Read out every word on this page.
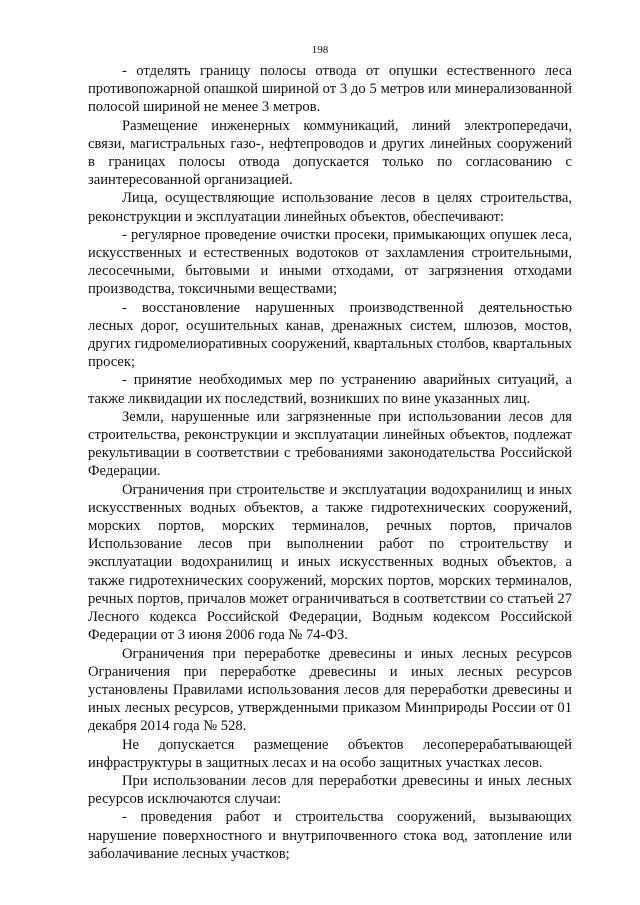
198

- отделять границу полосы отвода от опушки естественного леса противопожарной опашкой шириной от 3 до 5 метров или минерализованной полосой шириной не менее 3 метров.

Размещение инженерных коммуникаций, линий электропередачи, связи, магистральных газо-, нефтепроводов и других линейных сооружений в границах полосы отвода допускается только по согласованию с заинтересованной организацией.

Лица, осуществляющие использование лесов в целях строительства, реконструкции и эксплуатации линейных объектов, обеспечивают:

- регулярное проведение очистки просеки, примыкающих опушек леса, искусственных и естественных водотоков от захламления строительными, лесосечными, бытовыми и иными отходами, от загрязнения отходами производства, токсичными веществами;

- восстановление нарушенных производственной деятельностью лесных дорог, осушительных канав, дренажных систем, шлюзов, мостов, других гидромелиоративных сооружений, квартальных столбов, квартальных просек;

- принятие необходимых мер по устранению аварийных ситуаций, а также ликвидации их последствий, возникших по вине указанных лиц.

Земли, нарушенные или загрязненные при использовании лесов для строительства, реконструкции и эксплуатации линейных объектов, подлежат рекультивации в соответствии с требованиями законодательства Российской Федерации.

Ограничения при строительстве и эксплуатации водохранилищ и иных искусственных водных объектов, а также гидротехнических сооружений, морских портов, морских терминалов, речных портов, причалов Использование лесов при выполнении работ по строительству и эксплуатации водохранилищ и иных искусственных водных объектов, а также гидротехнических сооружений, морских портов, морских терминалов, речных портов, причалов может ограничиваться в соответствии со статьей 27 Лесного кодекса Российской Федерации, Водным кодексом Российской Федерации от 3 июня 2006 года № 74-ФЗ.

Ограничения при переработке древесины и иных лесных ресурсов Ограничения при переработке древесины и иных лесных ресурсов установлены Правилами использования лесов для переработки древесины и иных лесных ресурсов, утвержденными приказом Минприроды России от 01 декабря 2014 года № 528.

Не допускается размещение объектов лесоперерабатывающей инфраструктуры в защитных лесах и на особо защитных участках лесов.

При использовании лесов для переработки древесины и иных лесных ресурсов исключаются случаи:

- проведения работ и строительства сооружений, вызывающих нарушение поверхностного и внутрипочвенного стока вод, затопление или заболачивание лесных участков;
